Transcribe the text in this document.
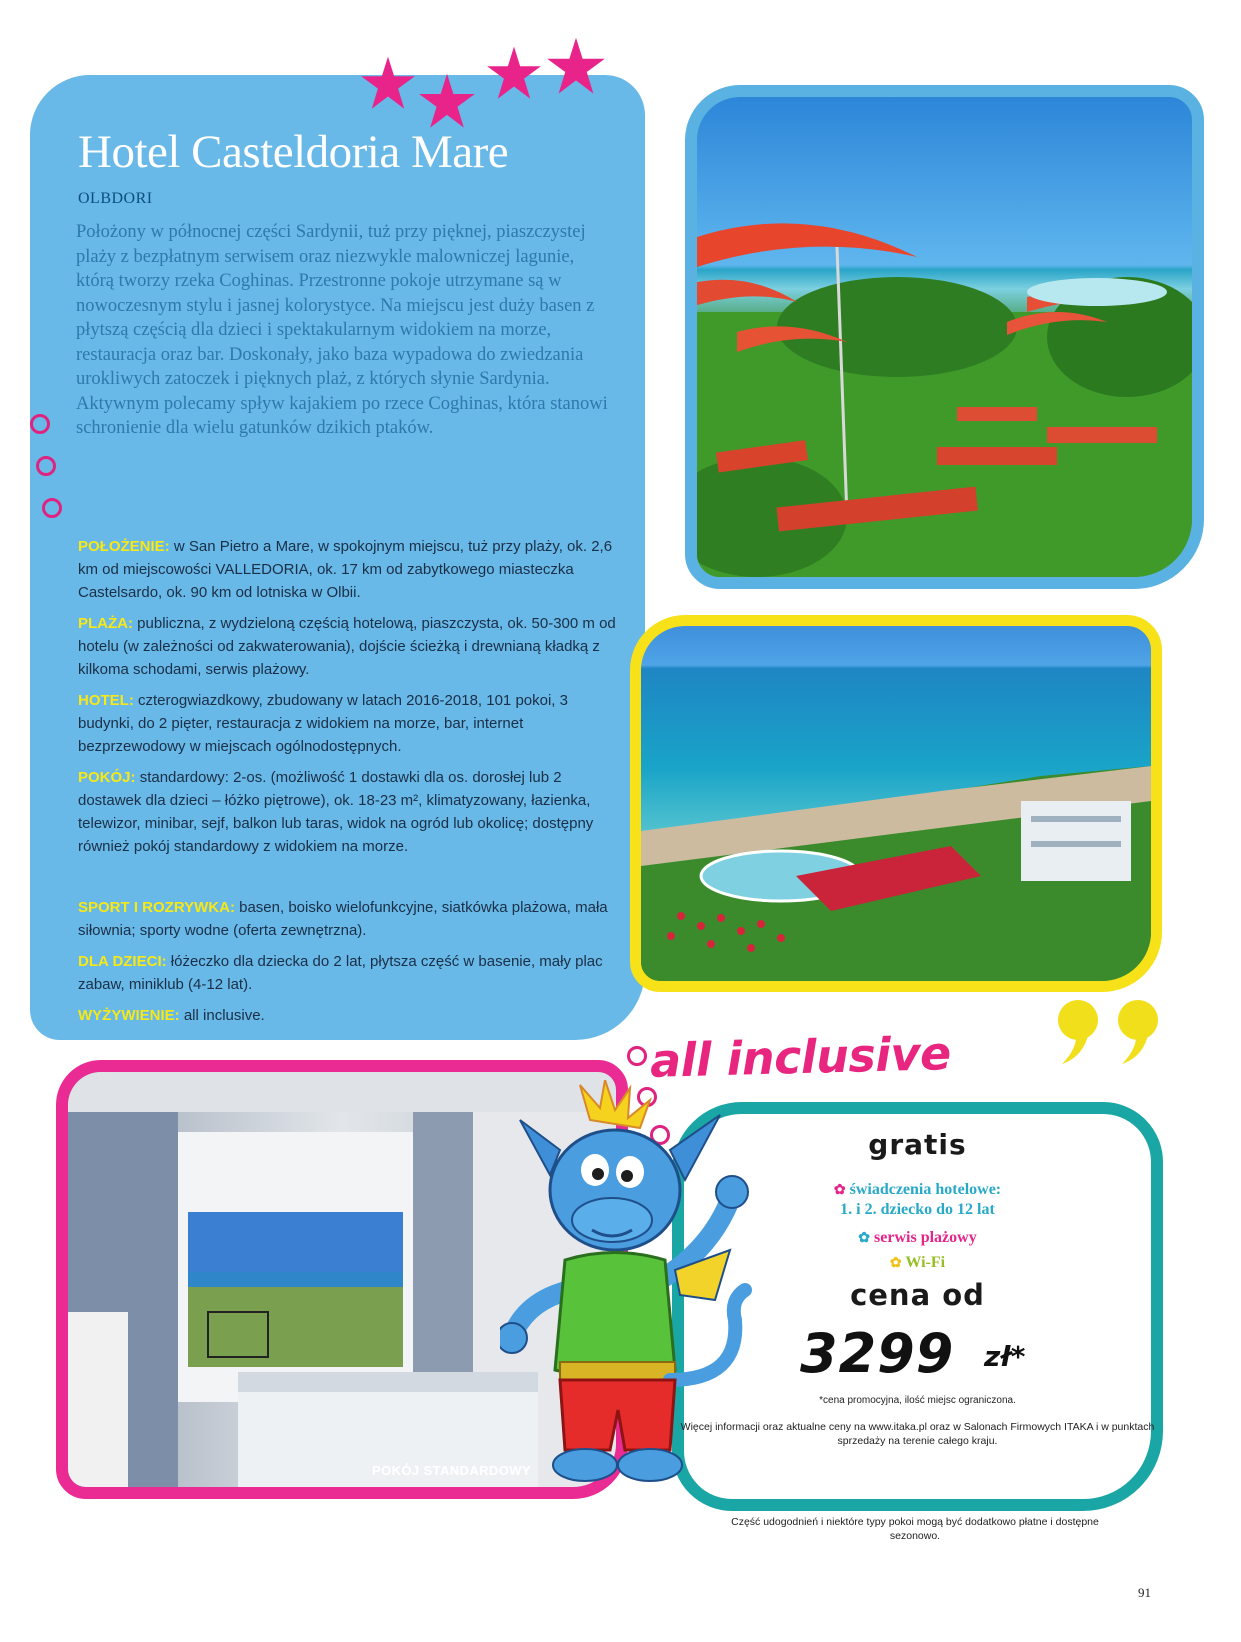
Hotel Casteldoria Mare
OLBDORI
Położony w północnej części Sardynii, tuż przy pięknej, piaszczystej plaży z bezpłatnym serwisem oraz niezwykle malowniczej lagunie, którą tworzy rzeka Coghinas. Przestronne pokoje utrzymane są w nowoczesnym stylu i jasnej kolorystyce. Na miejscu jest duży basen z płytszą częścią dla dzieci i spektakularnym widokiem na morze, restauracja oraz bar. Doskonały, jako baza wypadowa do zwiedzania urokliwych zatoczek i pięknych plaż, z których słynie Sardynia. Aktywnym polecamy spływ kajakiem po rzece Coghinas, która stanowi schronienie dla wielu gatunków dzikich ptaków.
POŁOŻENIE: w San Pietro a Mare, w spokojnym miejscu, tuż przy plaży, ok. 2,6 km od miejscowości VALLEDORIA, ok. 17 km od zabytkowego miasteczka Castelsardo, ok. 90 km od lotniska w Olbii.
PLAŻA: publiczna, z wydzieloną częścią hotelową, piaszczysta, ok. 50-300 m od hotelu (w zależności od zakwaterowania), dojście ścieżką i drewnianą kładką z kilkoma schodami, serwis plażowy.
HOTEL: czterogwiazdkowy, zbudowany w latach 2016-2018, 101 pokoi, 3 budynki, do 2 pięter, restauracja z widokiem na morze, bar, internet bezprzewodowy w miejscach ogólnodostępnych.
POKÓJ: standardowy: 2-os. (możliwość 1 dostawki dla os. dorosłej lub 2 dostawek dla dzieci – łóżko piętrowe), ok. 18-23 m², klimatyzowany, łazienka, telewizor, minibar, sejf, balkon lub taras, widok na ogród lub okolicę; dostępny również pokój standardowy z widokiem na morze.
SPORT I ROZRYWKA: basen, boisko wielofunkcyjne, siatkówka plażowa, mała siłownia; sporty wodne (oferta zewnętrzna).
DLA DZIECI: łóżeczko dla dziecka do 2 lat, płytsza część w basenie, mały plac zabaw, miniklub (4-12 lat).
WYŻYWIENIE: all inclusive.
POKÓJ STANDARDOWY
all inclusive
gratis
✿ świadczenia hotelowe:
1. i 2. dziecko do 12 lat
✿ serwis plażowy
✿ Wi-Fi
cena od
3299 zł*
*cena promocyjna, ilość miejsc ograniczona.
Więcej informacji oraz aktualne ceny na www.itaka.pl oraz w Salonach Firmowych ITAKA i w punktach sprzedaży na terenie całego kraju.
Część udogodnień i niektóre typy pokoi mogą być dodatkowo płatne i dostępne sezonowo.
91
